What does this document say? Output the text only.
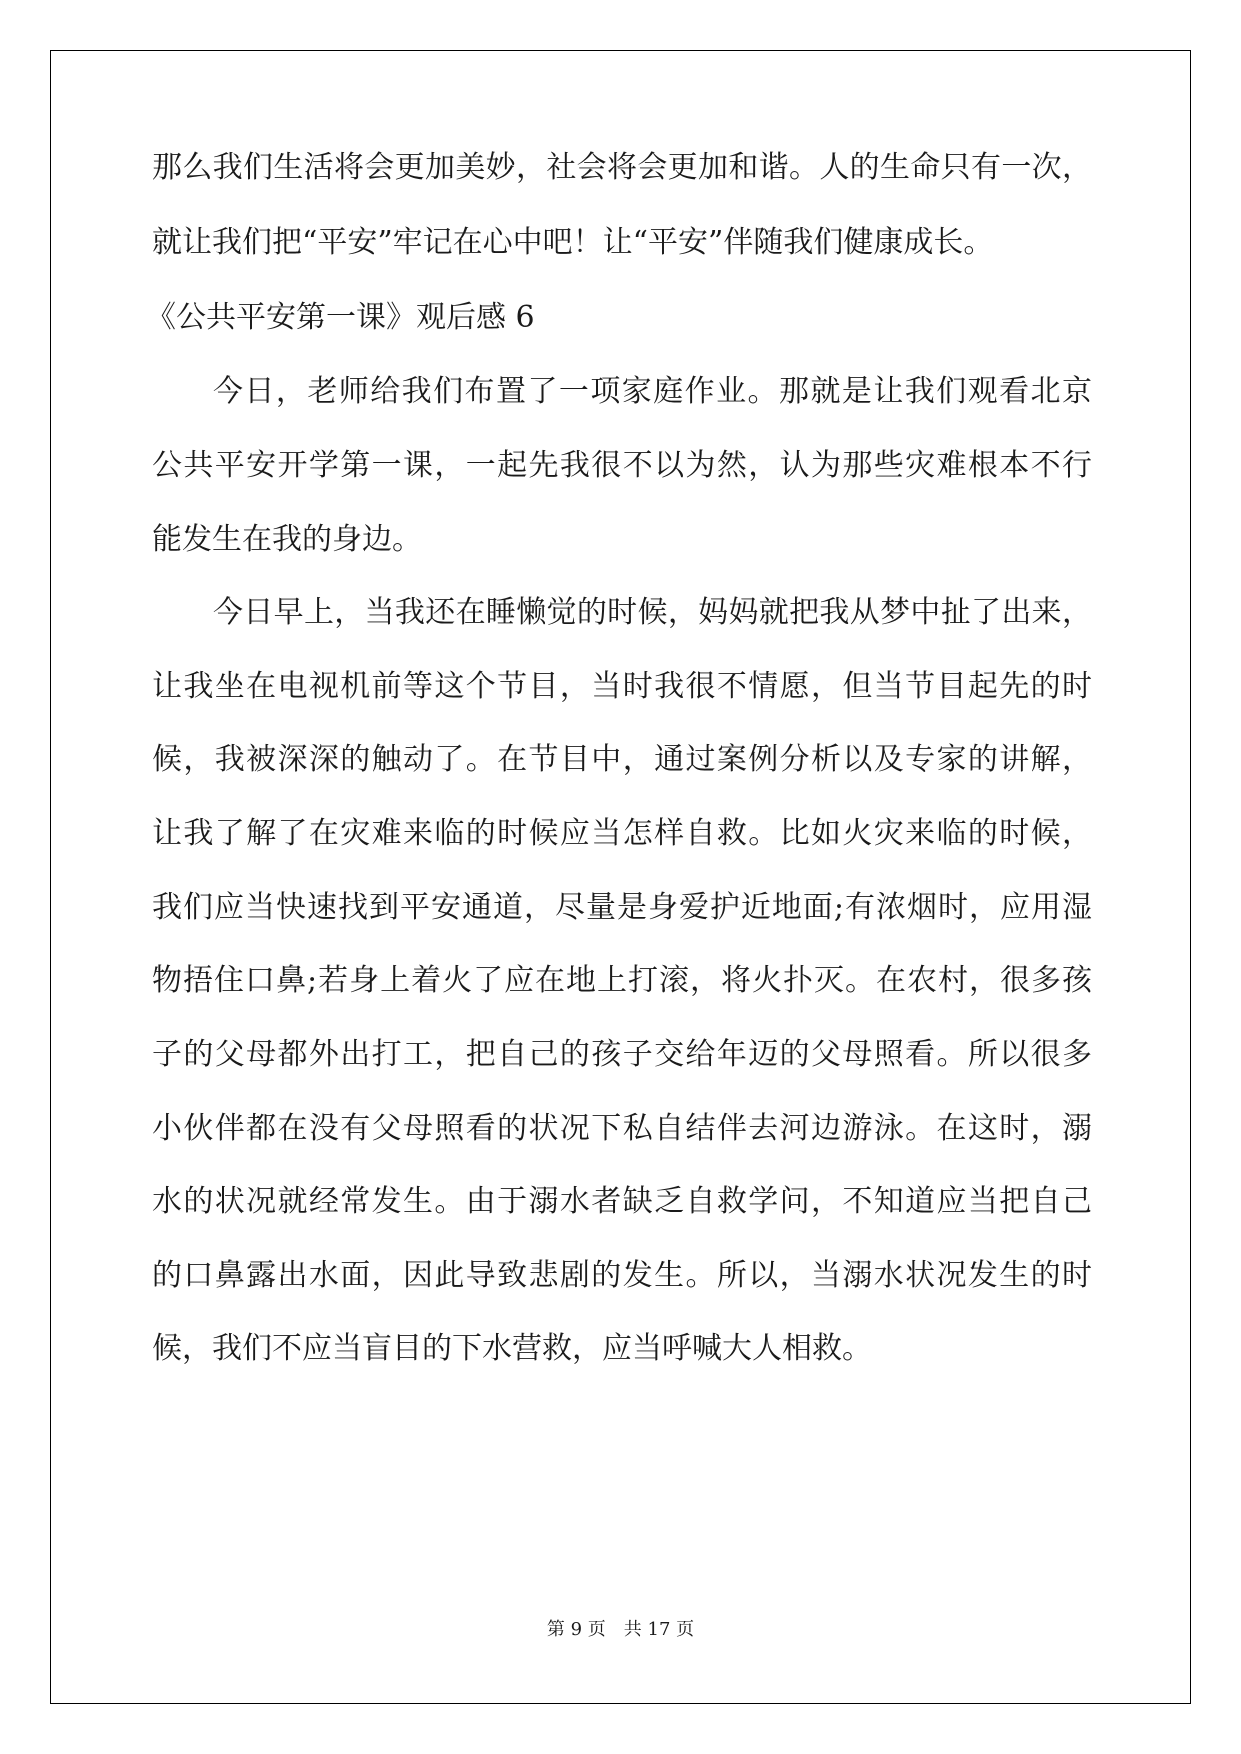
那么我们生活将会更加美妙，社会将会更加和谐。人的生命只有一次，

就让我们把“平安”牢记在心中吧！让“平安”伴随我们健康成长。

《公共平安第一课》观后感 6

今日，老师给我们布置了一项家庭作业。那就是让我们观看北京

公共平安开学第一课，一起先我很不以为然，认为那些灾难根本不行

能发生在我的身边。

今日早上，当我还在睡懒觉的时候，妈妈就把我从梦中扯了出来，

让我坐在电视机前等这个节目，当时我很不情愿，但当节目起先的时

候，我被深深的触动了。在节目中，通过案例分析以及专家的讲解，

让我了解了在灾难来临的时候应当怎样自救。比如火灾来临的时候，

我们应当快速找到平安通道，尽量是身爱护近地面;有浓烟时，应用湿

物捂住口鼻;若身上着火了应在地上打滚，将火扑灭。在农村，很多孩

子的父母都外出打工，把自己的孩子交给年迈的父母照看。所以很多

小伙伴都在没有父母照看的状况下私自结伴去河边游泳。在这时，溺

水的状况就经常发生。由于溺水者缺乏自救学问，不知道应当把自己

的口鼻露出水面，因此导致悲剧的发生。所以，当溺水状况发生的时

候，我们不应当盲目的下水营救，应当呼喊大人相救。

第 9 页　共 17 页
